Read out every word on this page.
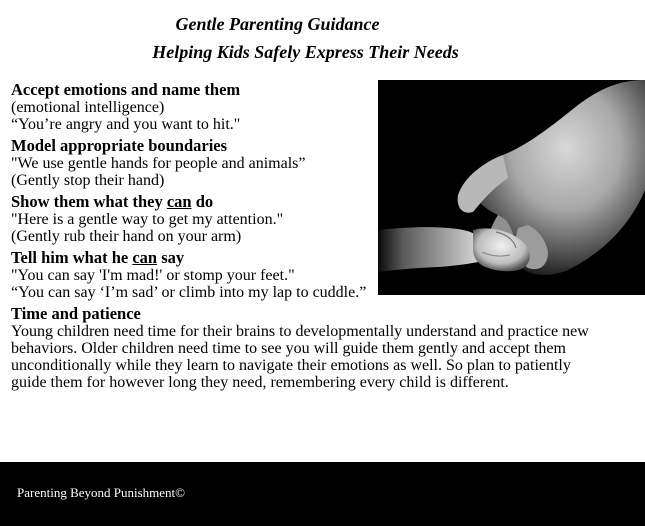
Gentle Parenting Guidance
Helping Kids Safely Express Their Needs
Accept emotions and name them
(emotional intelligence)
“You’re angry and you want to hit."
Model appropriate boundaries
"We use gentle hands for people and animals”
(Gently stop their hand)
Show them what they can do
"Here is a gentle way to get my attention."
(Gently rub their hand on your arm)
Tell him what he can say
"You can say 'I'm mad!' or stomp your feet."
“You can say ‘I’m sad’ or climb into my lap to cuddle.”
Time and patience
Young children need time for their brains to developmentally understand and practice new behaviors. Older children need time to see you will guide them gently and accept them unconditionally while they learn to navigate their emotions as well. So plan to patiently guide them for however long they need, remembering every child is different.
Parenting Beyond Punishment©
